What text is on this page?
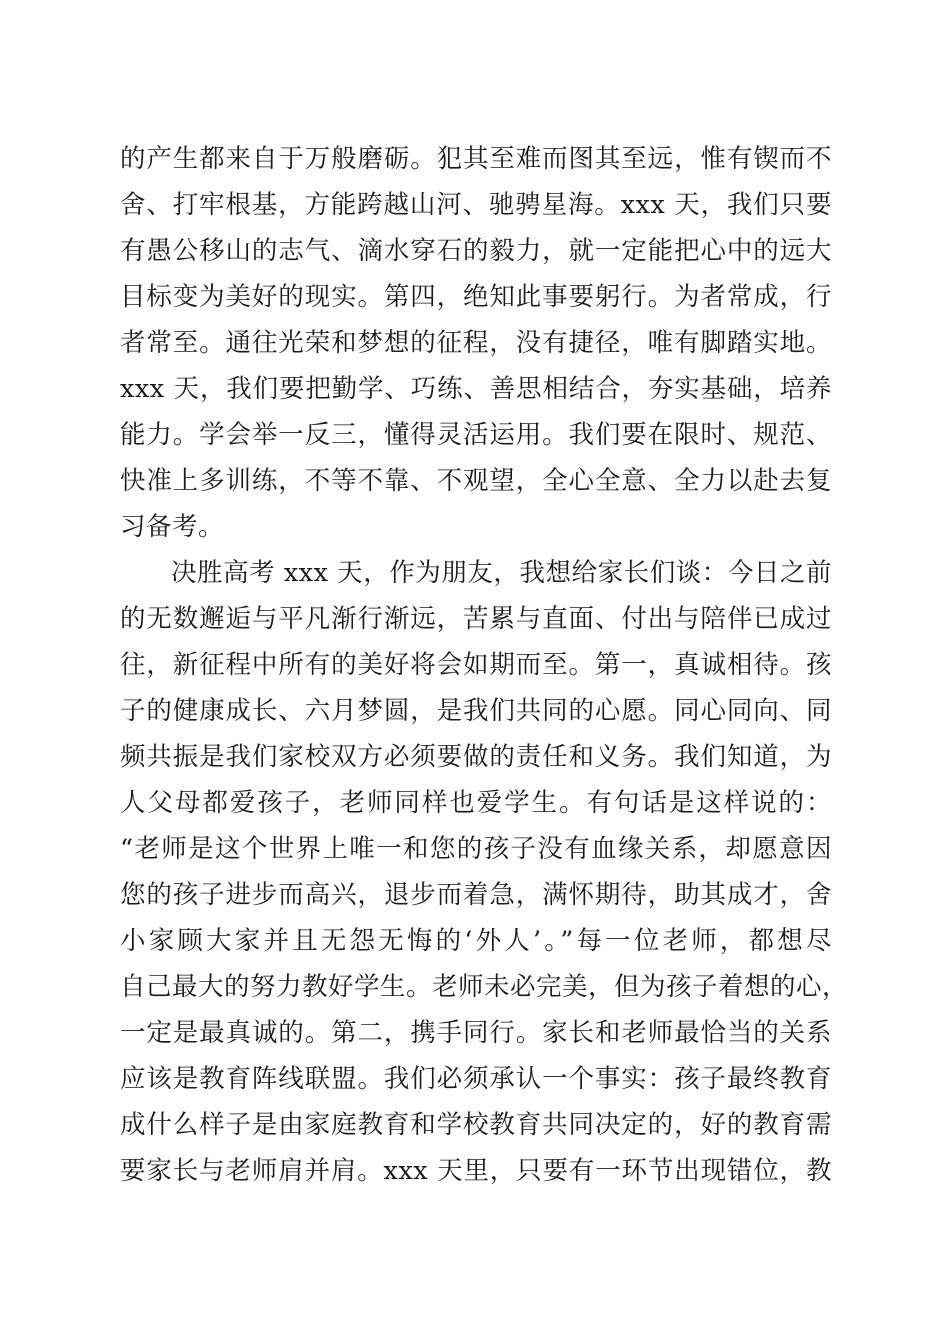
的产生都来自于万般磨砺。犯其至难而图其至远，惟有锲而不
舍、打牢根基，方能跨越山河、驰骋星海。xxx 天，我们只要
有愚公移山的志气、滴水穿石的毅力，就一定能把心中的远大
目标变为美好的现实。第四，绝知此事要躬行。为者常成，行
者常至。通往光荣和梦想的征程，没有捷径，唯有脚踏实地。
xxx 天，我们要把勤学、巧练、善思相结合，夯实基础，培养
能力。学会举一反三，懂得灵活运用。我们要在限时、规范、
快准上多训练，不等不靠、不观望，全心全意、全力以赴去复
习备考。
决胜高考 xxx 天，作为朋友，我想给家长们谈：今日之前
的无数邂逅与平凡渐行渐远，苦累与直面、付出与陪伴已成过
往，新征程中所有的美好将会如期而至。第一，真诚相待。孩
子的健康成长、六月梦圆，是我们共同的心愿。同心同向、同
频共振是我们家校双方必须要做的责任和义务。我们知道，为
人父母都爱孩子，老师同样也爱学生。有句话是这样说的：
“老师是这个世界上唯一和您的孩子没有血缘关系，却愿意因
您的孩子进步而高兴，退步而着急，满怀期待，助其成才，舍
小家顾大家并且无怨无悔的‘外人’。”每一位老师，都想尽
自己最大的努力教好学生。老师未必完美，但为孩子着想的心，
一定是最真诚的。第二，携手同行。家长和老师最恰当的关系
应该是教育阵线联盟。我们必须承认一个事实：孩子最终教育
成什么样子是由家庭教育和学校教育共同决定的，好的教育需
要家长与老师肩并肩。xxx 天里，只要有一环节出现错位，教
